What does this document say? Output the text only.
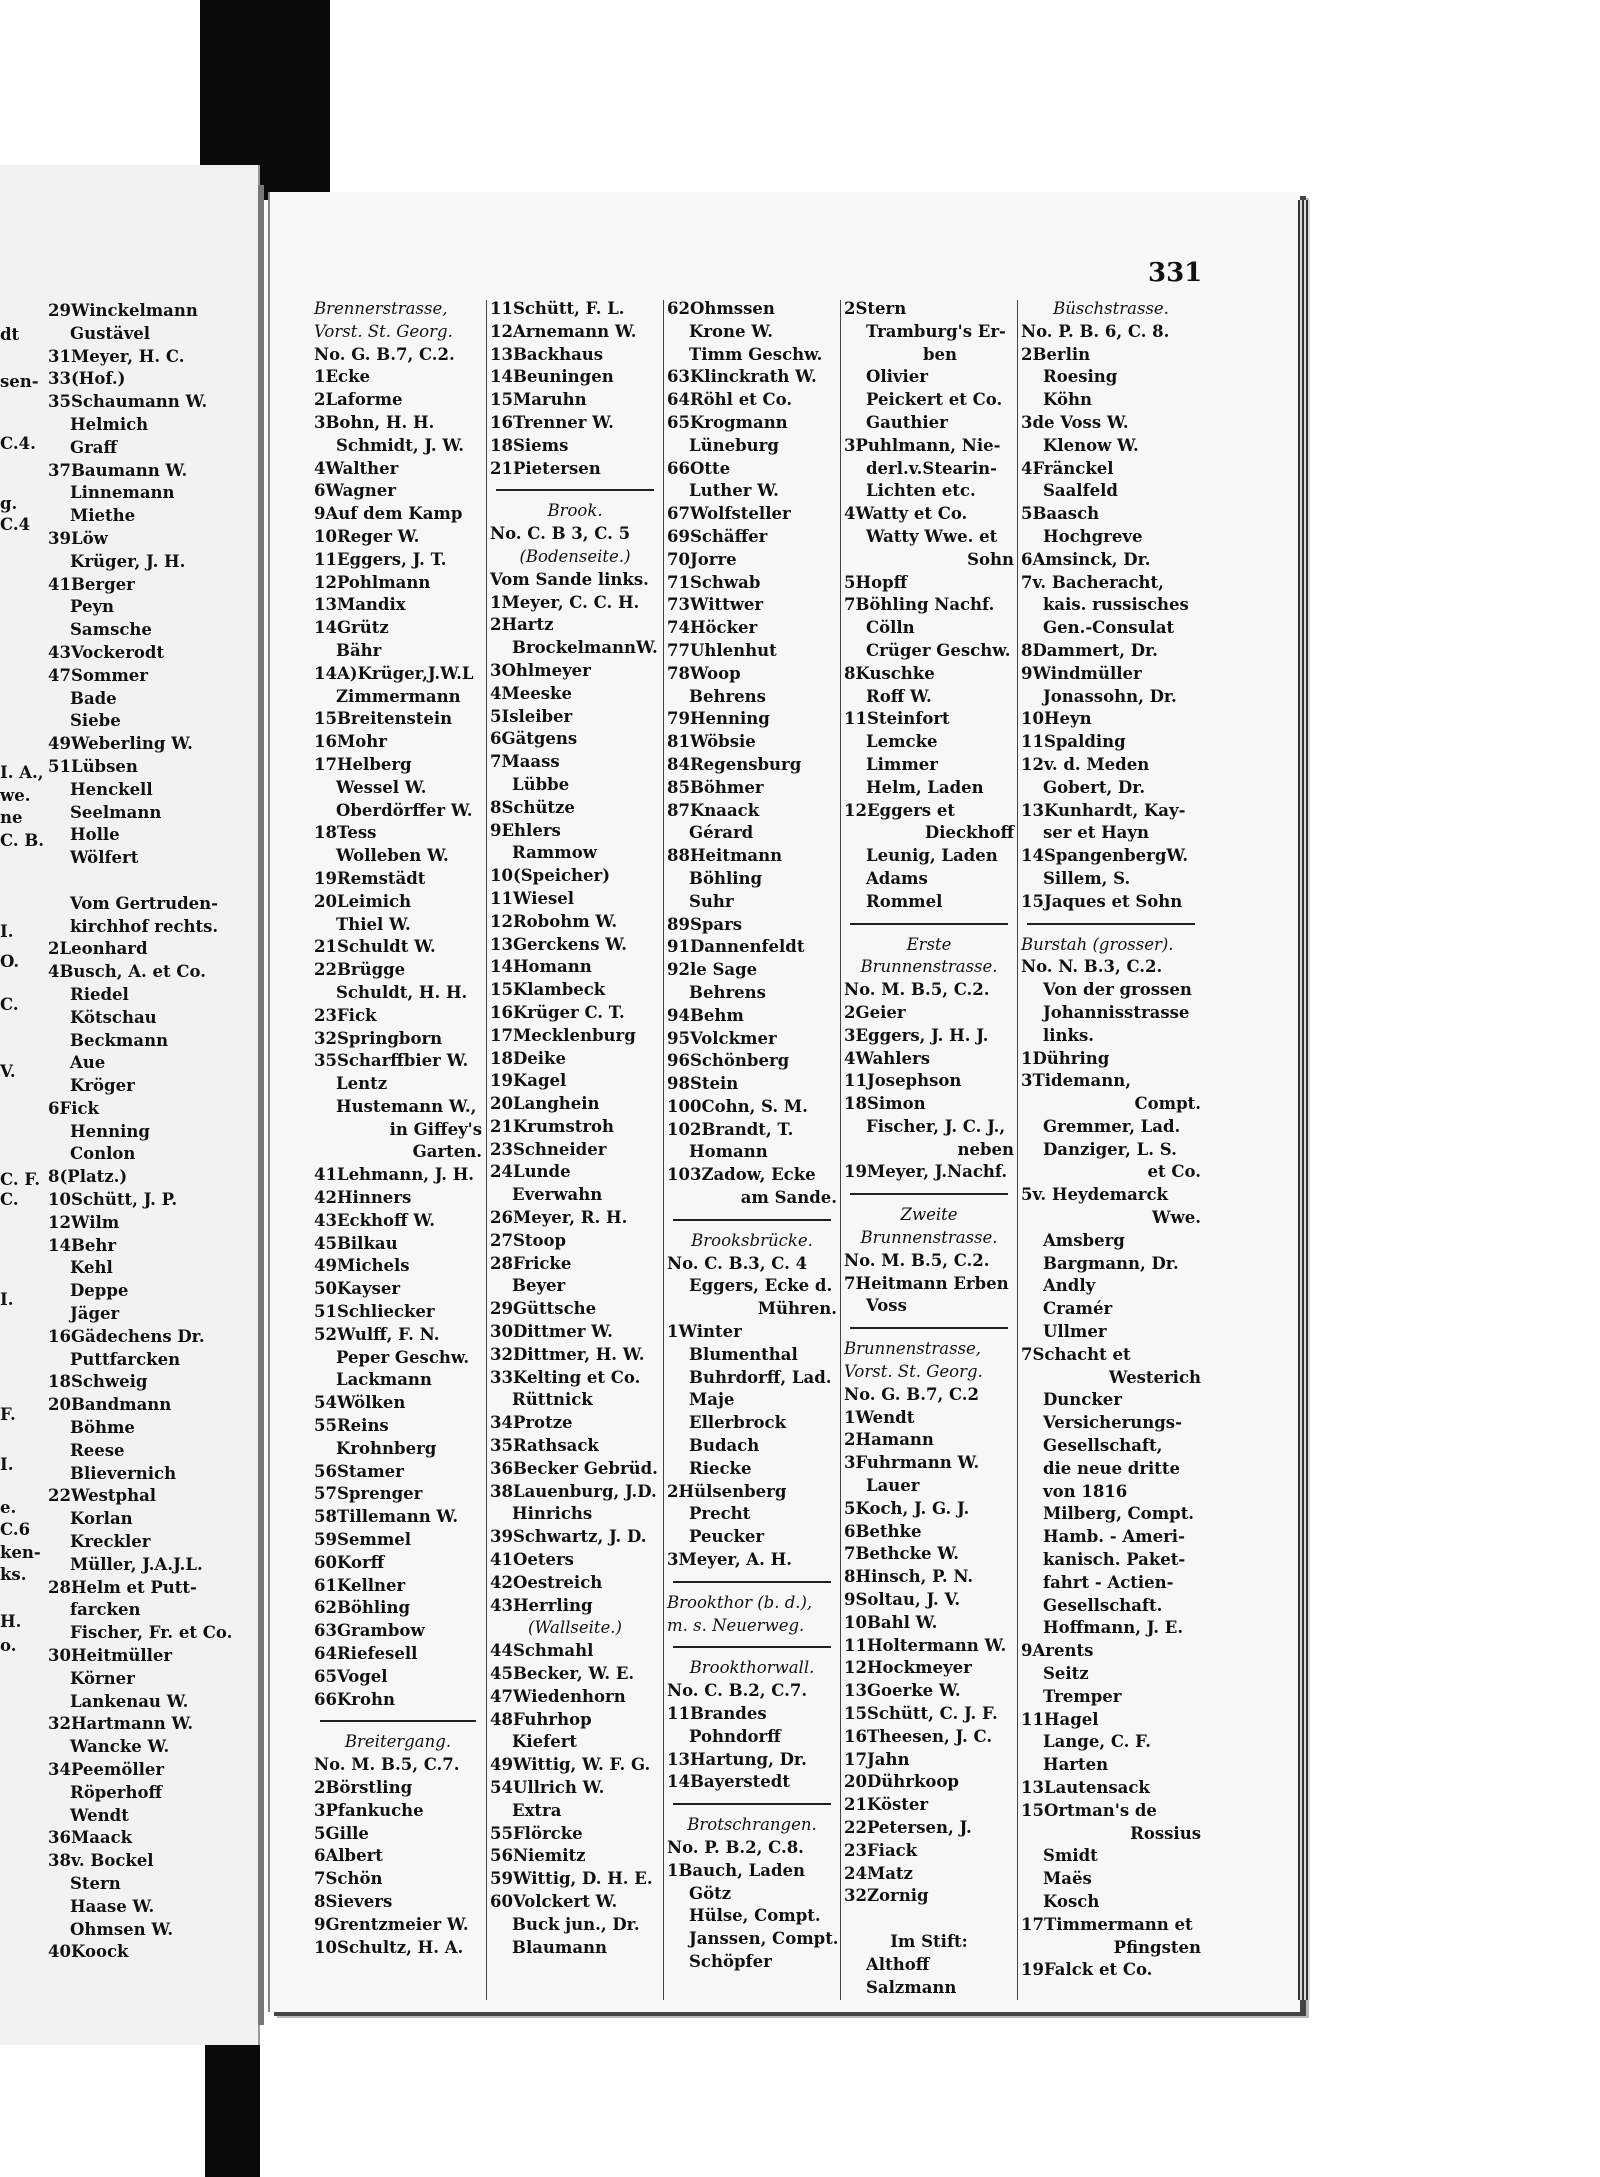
29Winckelmann
Gustävel
31Meyer, H. C.
33(Hof.)
35Schaumann W.
Helmich
Graff
37Baumann W.
Linnemann
Miethe
39Löw
Krüger, J. H.
41Berger
Peyn
Samsche
43Vockerodt
47Sommer
Bade
Siebe
49Weberling W.
51Lübsen
Henckell
Seelmann
Holle
Wölfert

Vom Gertruden-
kirchhof rechts.
2Leonhard
4Busch, A. et Co.
Riedel
Kötschau
Beckmann
Aue
Kröger
6Fick
Henning
Conlon
8(Platz.)
10Schütt, J. P.
12Wilm
14Behr
Kehl
Deppe
Jäger
16Gädechens Dr.
Puttfarcken
18Schweig
20Bandmann
Böhme
Reese
Blievernich
22Westphal
Korlan
Kreckler
Müller, J.A.J.L.
28Helm et Putt-
farcken
Fischer, Fr. et Co.
30Heitmüller
Körner
Lankenau W.
32Hartmann W.
Wancke W.
34Peemöller
Röperhoff
Wendt
36Maack
38v. Bockel
Stern
Haase W.
Ohmsen W.
40Koock
dt
sen-
C.4.
g.
C.4
I. A.,
we.
ne
C. B.
I.
O.
C.
V.
C. F.
C.
I.
F.
I.
e.
C.6
ken-
ks.
H.
o.
331
Brennerstrasse,
Vorst. St. Georg.
No. G. B.7, C.2.
1Ecke
2Laforme
3Bohn, H. H.
Schmidt, J. W.
4Walther
6Wagner
9Auf dem Kamp
10Reger W.
11Eggers, J. T.
12Pohlmann
13Mandix
14Grütz
Bähr
14A)Krüger,J.W.L
Zimmermann
15Breitenstein
16Mohr
17Helberg
Wessel W.
Oberdörffer W.
18Tess
Wolleben W.
19Remstädt
20Leimich
Thiel W.
21Schuldt W.
22Brügge
Schuldt, H. H.
23Fick
32Springborn
35Scharffbier W.
Lentz
Hustemann W.,
in Giffey's
Garten.
41Lehmann, J. H.
42Hinners
43Eckhoff W.
45Bilkau
49Michels
50Kayser
51Schliecker
52Wulff, F. N.
Peper Geschw.
Lackmann
54Wölken
55Reins
Krohnberg
56Stamer
57Sprenger
58Tillemann W.
59Semmel
60Korff
61Kellner
62Böhling
63Grambow
64Riefesell
65Vogel
66Krohn
Breitergang.
No. M. B.5, C.7.
2Börstling
3Pfankuche
5Gille
6Albert
7Schön
8Sievers
9Grentzmeier W.
10Schultz, H. A.
11Schütt, F. L.
12Arnemann W.
13Backhaus
14Beuningen
15Maruhn
16Trenner W.
18Siems
21Pietersen
Brook.
No. C. B 3, C. 5
(Bodenseite.)
Vom Sande links.
1Meyer, C. C. H.
2Hartz
BrockelmannW.
3Ohlmeyer
4Meeske
5Isleiber
6Gätgens
7Maass
Lübbe
8Schütze
9Ehlers
Rammow
10(Speicher)
11Wiesel
12Robohm W.
13Gerckens W.
14Homann
15Klambeck
16Krüger C. T.
17Mecklenburg
18Deike
19Kagel
20Langhein
21Krumstroh
23Schneider
24Lunde
Everwahn
26Meyer, R. H.
27Stoop
28Fricke
Beyer
29Güttsche
30Dittmer W.
32Dittmer, H. W.
33Kelting et Co.
Rüttnick
34Protze
35Rathsack
36Becker Gebrüd.
38Lauenburg, J.D.
Hinrichs
39Schwartz, J. D.
41Oeters
42Oestreich
43Herrling
(Wallseite.)
44Schmahl
45Becker, W. E.
47Wiedenhorn
48Fuhrhop
Kiefert
49Wittig, W. F. G.
54Ullrich W.
Extra
55Flörcke
56Niemitz
59Wittig, D. H. E.
60Volckert W.
Buck jun., Dr.
Blaumann
62Ohmssen
Krone W.
Timm Geschw.
63Klinckrath W.
64Röhl et Co.
65Krogmann
Lüneburg
66Otte
Luther W.
67Wolfsteller
69Schäffer
70Jorre
71Schwab
73Wittwer
74Höcker
77Uhlenhut
78Woop
Behrens
79Henning
81Wöbsie
84Regensburg
85Böhmer
87Knaack
Gérard
88Heitmann
Böhling
Suhr
89Spars
91Dannenfeldt
92le Sage
Behrens
94Behm
95Volckmer
96Schönberg
98Stein
100Cohn, S. M.
102Brandt, T.
Homann
103Zadow, Ecke
am Sande.
Brooksbrücke.
No. C. B.3, C. 4
Eggers, Ecke d.
Mühren.
1Winter
Blumenthal
Buhrdorff, Lad.
Maje
Ellerbrock
Budach
Riecke
2Hülsenberg
Precht
Peucker
3Meyer, A. H.
Brookthor (b. d.),
m. s. Neuerweg.
Brookthorwall.
No. C. B.2, C.7.
11Brandes
Pohndorff
13Hartung, Dr.
14Bayerstedt
Brotschrangen.
No. P. B.2, C.8.
1Bauch, Laden
Götz
Hülse, Compt.
Janssen, Compt.
Schöpfer
2Stern
Tramburg's Er-
ben
Olivier
Peickert et Co.
Gauthier
3Puhlmann, Nie-
derl.v.Stearin-
Lichten etc.
4Watty et Co.
Watty Wwe. et
Sohn
5Hopff
7Böhling Nachf.
Cölln
Crüger Geschw.
8Kuschke
Roff W.
11Steinfort
Lemcke
Limmer
Helm, Laden
12Eggers et
Dieckhoff
Leunig, Laden
Adams
Rommel
Erste
Brunnenstrasse.
No. M. B.5, C.2.
2Geier
3Eggers, J. H. J.
4Wahlers
11Josephson
18Simon
Fischer, J. C. J.,
neben
19Meyer, J.Nachf.
Zweite
Brunnenstrasse.
No. M. B.5, C.2.
7Heitmann Erben
Voss
Brunnenstrasse,
Vorst. St. Georg.
No. G. B.7, C.2
1Wendt
2Hamann
3Fuhrmann W.
Lauer
5Koch, J. G. J.
6Bethke
7Bethcke W.
8Hinsch, P. N.
9Soltau, J. V.
10Bahl W.
11Holtermann W.
12Hockmeyer
13Goerke W.
15Schütt, C. J. F.
16Theesen, J. C.
17Jahn
20Dührkoop
21Köster
22Petersen, J.
23Fiack
24Matz
32Zornig

Im Stift:
Althoff
Salzmann
Büschstrasse.
No. P. B. 6, C. 8.
2Berlin
Roesing
Köhn
3de Voss W.
Klenow W.
4Fränckel
Saalfeld
5Baasch
Hochgreve
6Amsinck, Dr.
7v. Bacheracht,
kais. russisches
Gen.-Consulat
8Dammert, Dr.
9Windmüller
Jonassohn, Dr.
10Heyn
11Spalding
12v. d. Meden
Gobert, Dr.
13Kunhardt, Kay-
ser et Hayn
14SpangenbergW.
Sillem, S.
15Jaques et Sohn
Burstah (grosser).
No. N. B.3, C.2.
Von der grossen
Johannisstrasse
links.
1Dühring
3Tidemann,
Compt.
Gremmer, Lad.
Danziger, L. S.
et Co.
5v. Heydemarck
Wwe.
Amsberg
Bargmann, Dr.
Andly
Cramér
Ullmer
7Schacht et
Westerich
Duncker
Versicherungs-
Gesellschaft,
die neue dritte
von 1816
Milberg, Compt.
Hamb. - Ameri-
kanisch. Paket-
fahrt - Actien-
Gesellschaft.
Hoffmann, J. E.
9Arents
Seitz
Tremper
11Hagel
Lange, C. F.
Harten
13Lautensack
15Ortman's de
Rossius
Smidt
Maës
Kosch
17Timmermann et
Pfingsten
19Falck et Co.
